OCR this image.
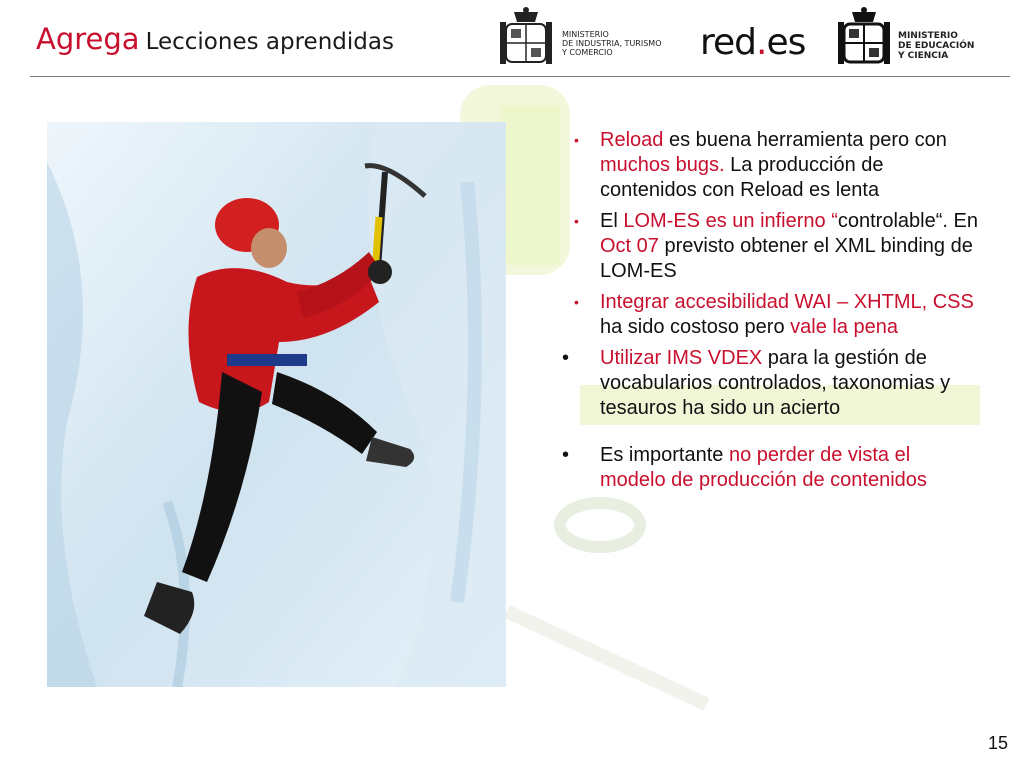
Agrega Lecciones aprendidas	MINISTERIO
DE INDUSTRIA, TURISMO
Y COMERCIO	red.es	MINISTERIO
DE EDUCACIÓN
Y CIENCIA
• Reload es buena herramienta pero con muchos bugs. La producción de contenidos con Reload es lenta
• El LOM-ES es un infierno “controlable“. En Oct 07 previsto obtener el XML binding de LOM-ES
• Integrar accesibilidad WAI – XHTML, CSS ha sido costoso pero vale la pena
• Utilizar IMS VDEX para la gestión de vocabularios controlados, taxonomias y tesauros ha sido un acierto
• Es importante no perder de vista el modelo de producción de contenidos
15
